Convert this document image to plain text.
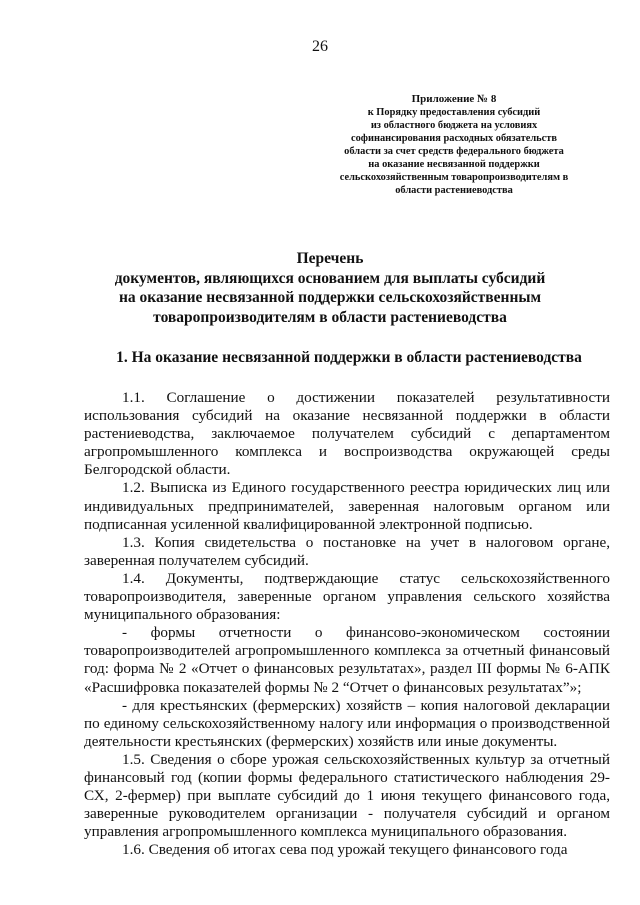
26
Приложение № 8
к Порядку предоставления субсидий
из областного бюджета на условиях
софинансирования расходных обязательств
области за счет средств федерального бюджета
на оказание несвязанной поддержки
сельскохозяйственным товаропроизводителям в
области растениеводства
Перечень
документов, являющихся основанием для выплаты субсидий
на оказание несвязанной поддержки сельскохозяйственным
товаропроизводителям в области растениеводства
1. На оказание несвязанной поддержки в области растениеводства

1.1. Соглашение о достижении показателей результативности использования субсидий на оказание несвязанной поддержки в области растениеводства, заключаемое получателем субсидий с департаментом агропромышленного комплекса и воспроизводства окружающей среды Белгородской области.

1.2. Выписка из Единого государственного реестра юридических лиц или индивидуальных предпринимателей, заверенная налоговым органом или подписанная усиленной квалифицированной электронной подписью.

1.3. Копия свидетельства о постановке на учет в налоговом органе, заверенная получателем субсидий.

1.4. Документы, подтверждающие статус сельскохозяйственного товаропроизводителя, заверенные органом управления сельского хозяйства муниципального образования:

- формы отчетности о финансово-экономическом состоянии товаропроизводителей агропромышленного комплекса за отчетный финансовый год: форма № 2 «Отчет о финансовых результатах», раздел III формы № 6-АПК «Расшифровка показателей формы № 2 “Отчет о финансовых результатах”»;

- для крестьянских (фермерских) хозяйств – копия налоговой декларации по единому сельскохозяйственному налогу или информация о производственной деятельности крестьянских (фермерских) хозяйств или иные документы.

1.5. Сведения о сборе урожая сельскохозяйственных культур за отчетный финансовый год (копии формы федерального статистического наблюдения 29-СХ, 2-фермер) при выплате субсидий до 1 июня текущего финансового года, заверенные руководителем организации - получателя субсидий и органом управления агропромышленного комплекса муниципального образования.

1.6. Сведения об итогах сева под урожай текущего финансового года
